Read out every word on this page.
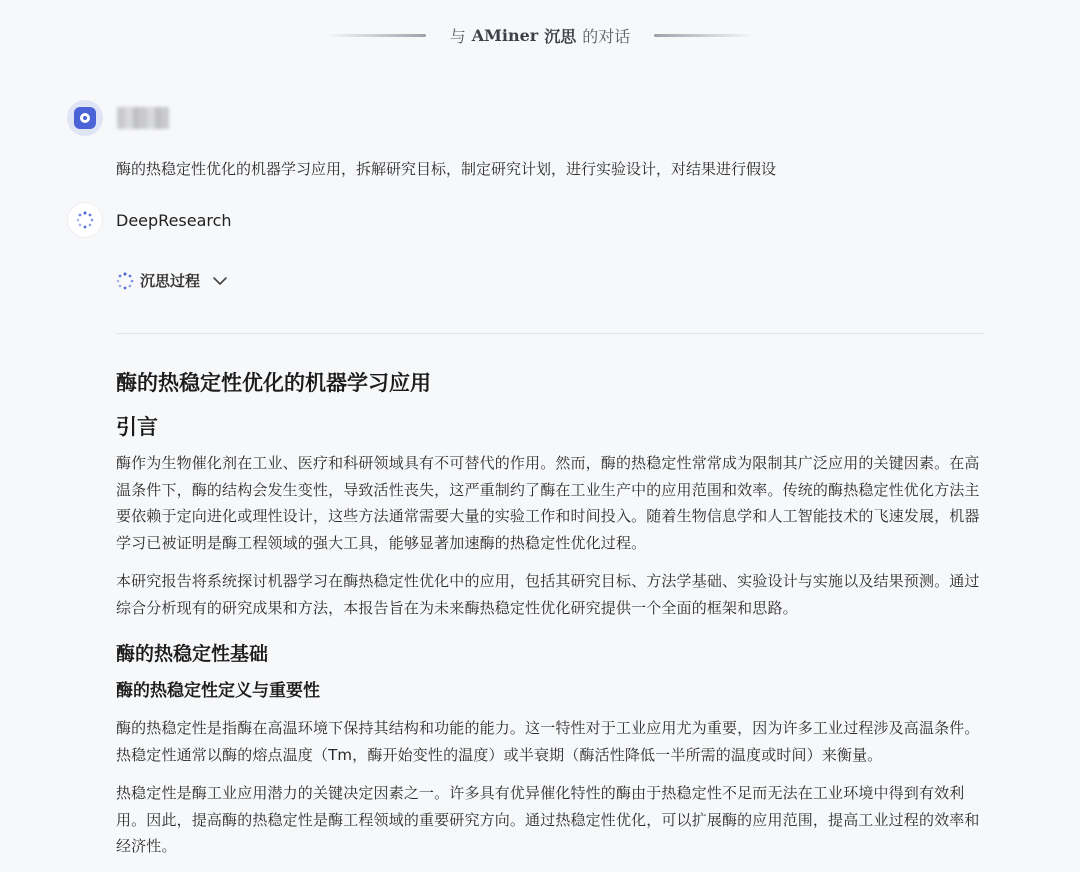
与 AMiner 沉思 的对话
酶的热稳定性优化的机器学习应用，拆解研究目标，制定研究计划，进行实验设计，对结果进行假设
DeepResearch
沉思过程
酶的热稳定性优化的机器学习应用
引言

酶作为生物催化剂在工业、医疗和科研领域具有不可替代的作用。然而，酶的热稳定性常常成为限制其广泛应用的关键因素。在高温条件下，酶的结构会发生变性，导致活性丧失，这严重制约了酶在工业生产中的应用范围和效率。传统的酶热稳定性优化方法主要依赖于定向进化或理性设计，这些方法通常需要大量的实验工作和时间投入。随着生物信息学和人工智能技术的飞速发展，机器学习已被证明是酶工程领域的强大工具，能够显著加速酶的热稳定性优化过程。

本研究报告将系统探讨机器学习在酶热稳定性优化中的应用，包括其研究目标、方法学基础、实验设计与实施以及结果预测。通过综合分析现有的研究成果和方法，本报告旨在为未来酶热稳定性优化研究提供一个全面的框架和思路。

酶的热稳定性基础
酶的热稳定性定义与重要性

酶的热稳定性是指酶在高温环境下保持其结构和功能的能力。这一特性对于工业应用尤为重要，因为许多工业过程涉及高温条件。热稳定性通常以酶的熔点温度（Tm，酶开始变性的温度）或半衰期（酶活性降低一半所需的温度或时间）来衡量。

热稳定性是酶工业应用潜力的关键决定因素之一。许多具有优异催化特性的酶由于热稳定性不足而无法在工业环境中得到有效利用。因此，提高酶的热稳定性是酶工程领域的重要研究方向。通过热稳定性优化，可以扩展酶的应用范围，提高工业过程的效率和经济性。
